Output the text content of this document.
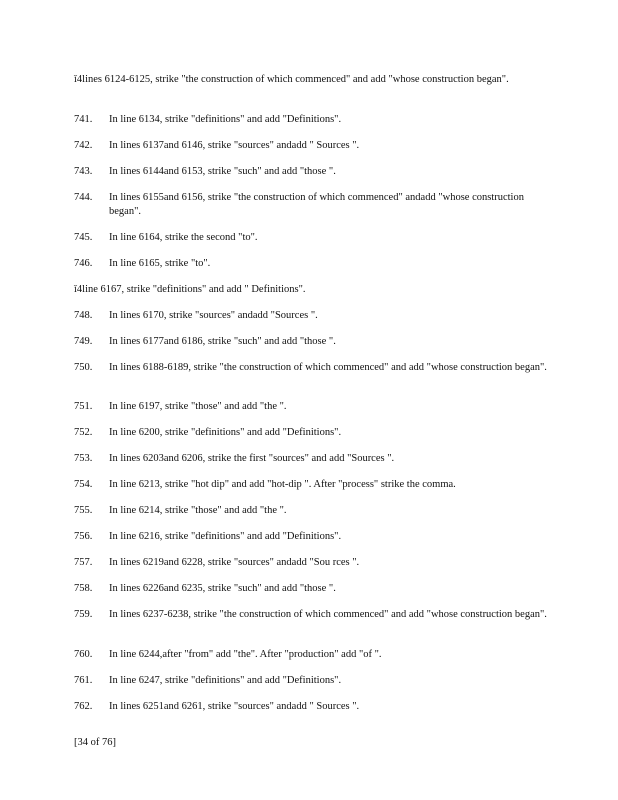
ǐ4lines 6124-6125, strike "the construction of which commenced" and add "whose construction began".
741.	In line 6134, strike "definitions" and add "Definitions".
742.	In lines 6137and 6146, strike "sources" andadd " Sources ".
743.	In lines 6144and 6153, strike "such" and add "those ".
744.	In lines 6155and 6156, strike "the construction of which commenced" andadd "whose construction began".
745.	In line 6164, strike the second "to".
746.	In line 6165, strike "to".
ǐ4line 6167, strike "definitions" and add " Definitions".
748.	In lines 6170, strike "sources" andadd "Sources ".
749.	In lines 6177and 6186, strike "such" and add "those ".
750.	In lines 6188-6189, strike "the construction of which commenced" and add "whose construction began".
751.	In line 6197, strike "those" and add "the ".
752.	In line 6200, strike "definitions" and add "Definitions".
753.	In lines 6203and 6206, strike the first "sources" and add "Sources ".
754.	In line 6213, strike "hot dip" and add "hot-dip ". After "process" strike the comma.
755.	In line 6214, strike "those" and add "the ".
756.	In line 6216, strike "definitions" and add "Definitions".
757.	In lines 6219and 6228, strike "sources" andadd "Sou rces ".
758.	In lines 6226and 6235, strike "such" and add "those ".
759.	In lines 6237-6238, strike "the construction of which commenced" and add "whose construction began".
760.	In line 6244,after "from" add "the". After "production" add "of ".
761.	In line 6247, strike "definitions" and add "Definitions".
762.	In lines 6251and 6261, strike "sources" andadd " Sources ".
[34 of 76]
